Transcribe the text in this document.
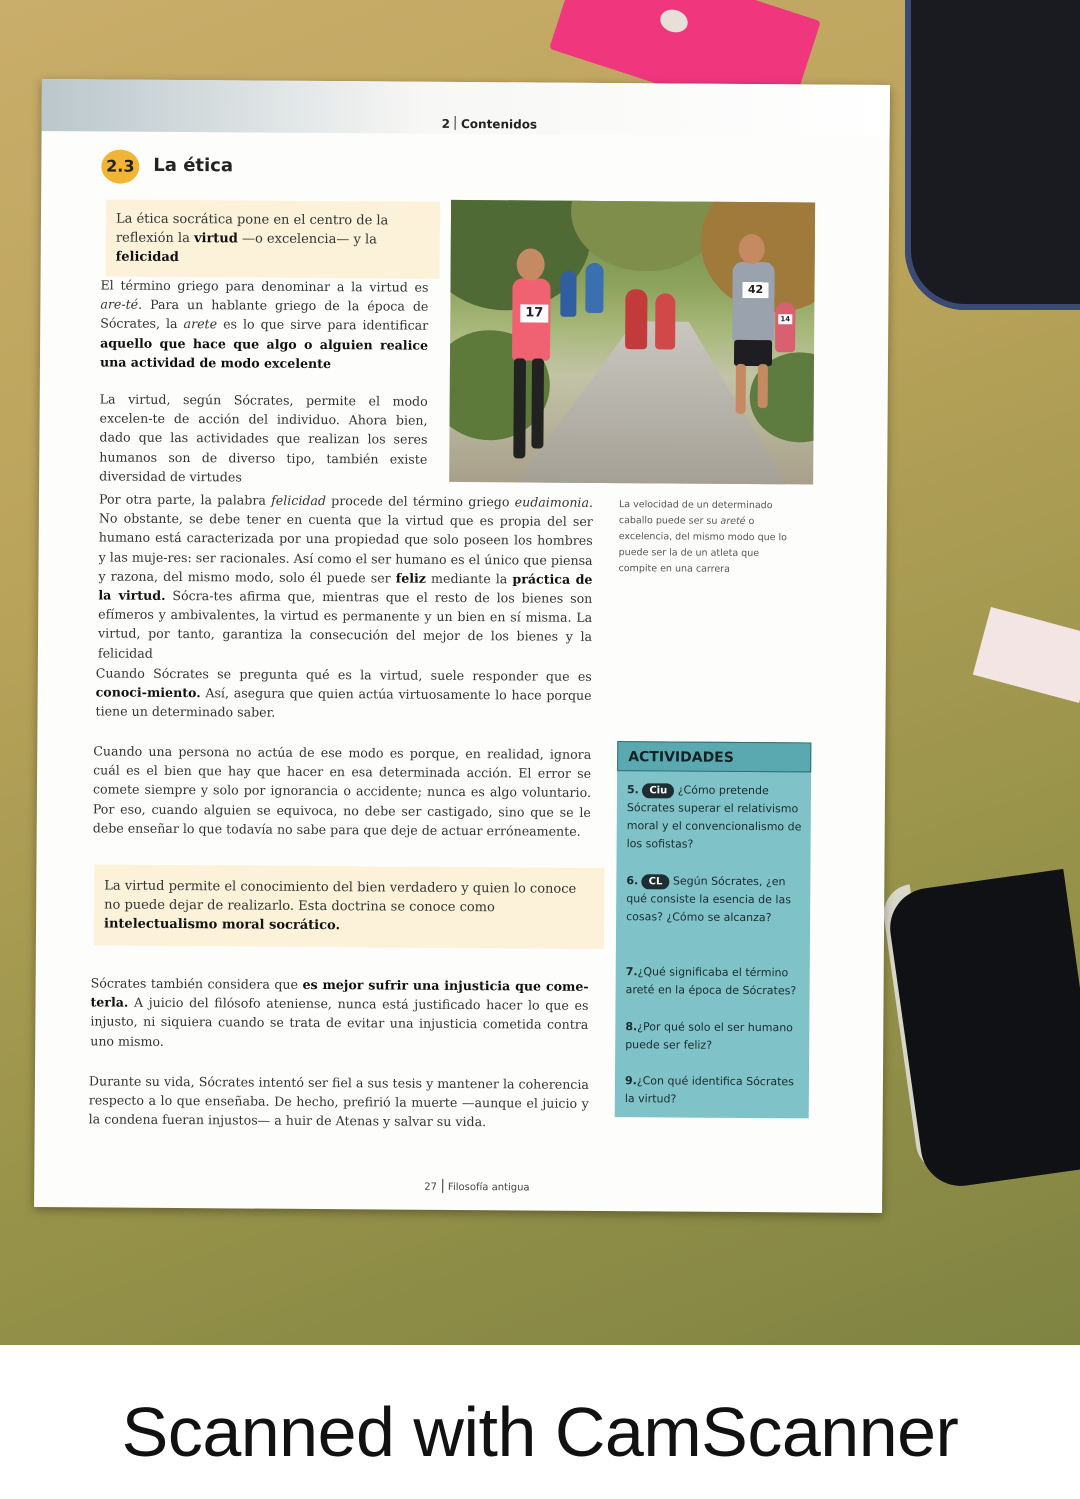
2 Contenidos
2.3 La ética
La ética socrática pone en el centro de la reflexión la virtud —o excelencia— y la felicidad

El término griego para denominar a la virtud es are-té. Para un hablante griego de la época de Sócrates, la arete es lo que sirve para identificar aquello que hace que algo o alguien realice una actividad de modo excelente

La virtud, según Sócrates, permite el modo excelen-te de acción del individuo. Ahora bien, dado que las actividades que realizan los seres humanos son de diverso tipo, también existe diversidad de virtudes

14
17
42
La velocidad de un determinado caballo puede ser su areté o excelencia, del mismo modo que lo puede ser la de un atleta que compite en una carrera

Por otra parte, la palabra felicidad procede del término griego eudaimonia. No obstante, se debe tener en cuenta que la virtud que es propia del ser humano está caracterizada por una propiedad que solo poseen los hombres y las muje-res: ser racionales. Así como el ser humano es el único que piensa y razona, del mismo modo, solo él puede ser feliz mediante la práctica de la virtud. Sócra-tes afirma que, mientras que el resto de los bienes son efímeros y ambivalentes, la virtud es permanente y un bien en sí misma. La virtud, por tanto, garantiza la consecución del mejor de los bienes y la felicidad

Cuando Sócrates se pregunta qué es la virtud, suele responder que es conoci-miento. Así, asegura que quien actúa virtuosamente lo hace porque tiene un determinado saber.

Cuando una persona no actúa de ese modo es porque, en realidad, ignora cuál es el bien que hay que hacer en esa determinada acción. El error se comete siempre y solo por ignorancia o accidente; nunca es algo voluntario. Por eso, cuando alguien se equivoca, no debe ser castigado, sino que se le debe enseñar lo que todavía no sabe para que deje de actuar erróneamente.

La virtud permite el conocimiento del bien verdadero y quien lo conoce no puede dejar de realizarlo. Esta doctrina se conoce como intelectualismo moral socrático.

Sócrates también considera que es mejor sufrir una injusticia que come-terla. A juicio del filósofo ateniense, nunca está justificado hacer lo que es injusto, ni siquiera cuando se trata de evitar una injusticia cometida contra uno mismo.

Durante su vida, Sócrates intentó ser fiel a sus tesis y mantener la coherencia respecto a lo que enseñaba. De hecho, prefirió la muerte —aunque el juicio y la condena fueran injustos— a huir de Atenas y salvar su vida.

ACTIVIDADES
5. Ciu ¿Cómo pretende Sócrates superar el relativismo moral y el convencionalismo de los sofistas?
6. CL Según Sócrates, ¿en qué consiste la esencia de las cosas? ¿Cómo se alcanza?
7.¿Qué significaba el término areté en la época de Sócrates?
8.¿Por qué solo el ser humano puede ser feliz?
9.¿Con qué identifica Sócrates la virtud?
27 Filosofía antigua
Scanned with CamScanner
